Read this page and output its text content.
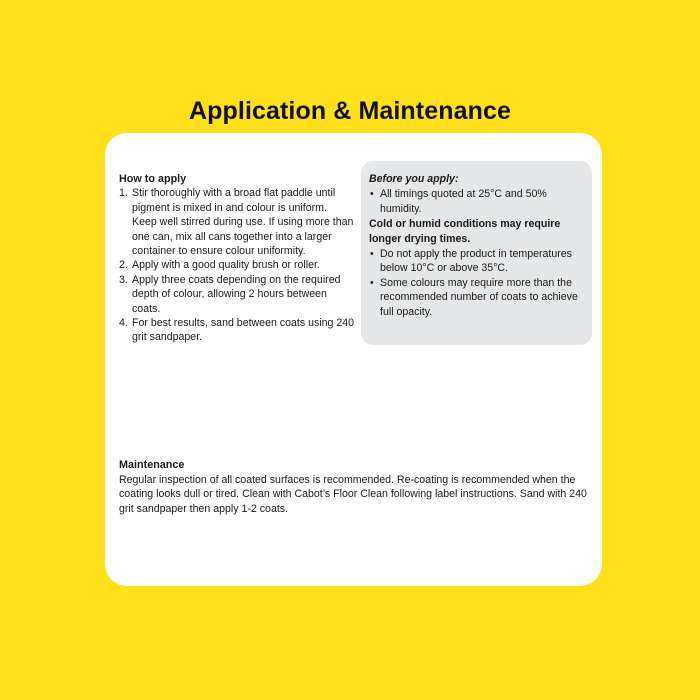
Application & Maintenance

How to apply

1. Stir thoroughly with a broad flat paddle until pigment is mixed in and colour is uniform. Keep well stirred during use. If using more than one can, mix all cans together into a larger container to ensure colour uniformity.
2. Apply with a good quality brush or roller.
3. Apply three coats depending on the required depth of colour, allowing 2 hours between coats.
4. For best results, sand between coats using 240 grit sandpaper.

Before you apply:

• All timings quoted at 25°C and 50% humidity.

Cold or humid conditions may require longer drying times.

• Do not apply the product in temperatures below 10°C or above 35°C.
• Some colours may require more than the recommended number of coats to achieve full opacity.

Maintenance

Regular inspection of all coated surfaces is recommended. Re-coating is recommended when the coating looks dull or tired. Clean with Cabot’s Floor Clean following label instructions. Sand with 240 grit sandpaper then apply 1-2 coats.
